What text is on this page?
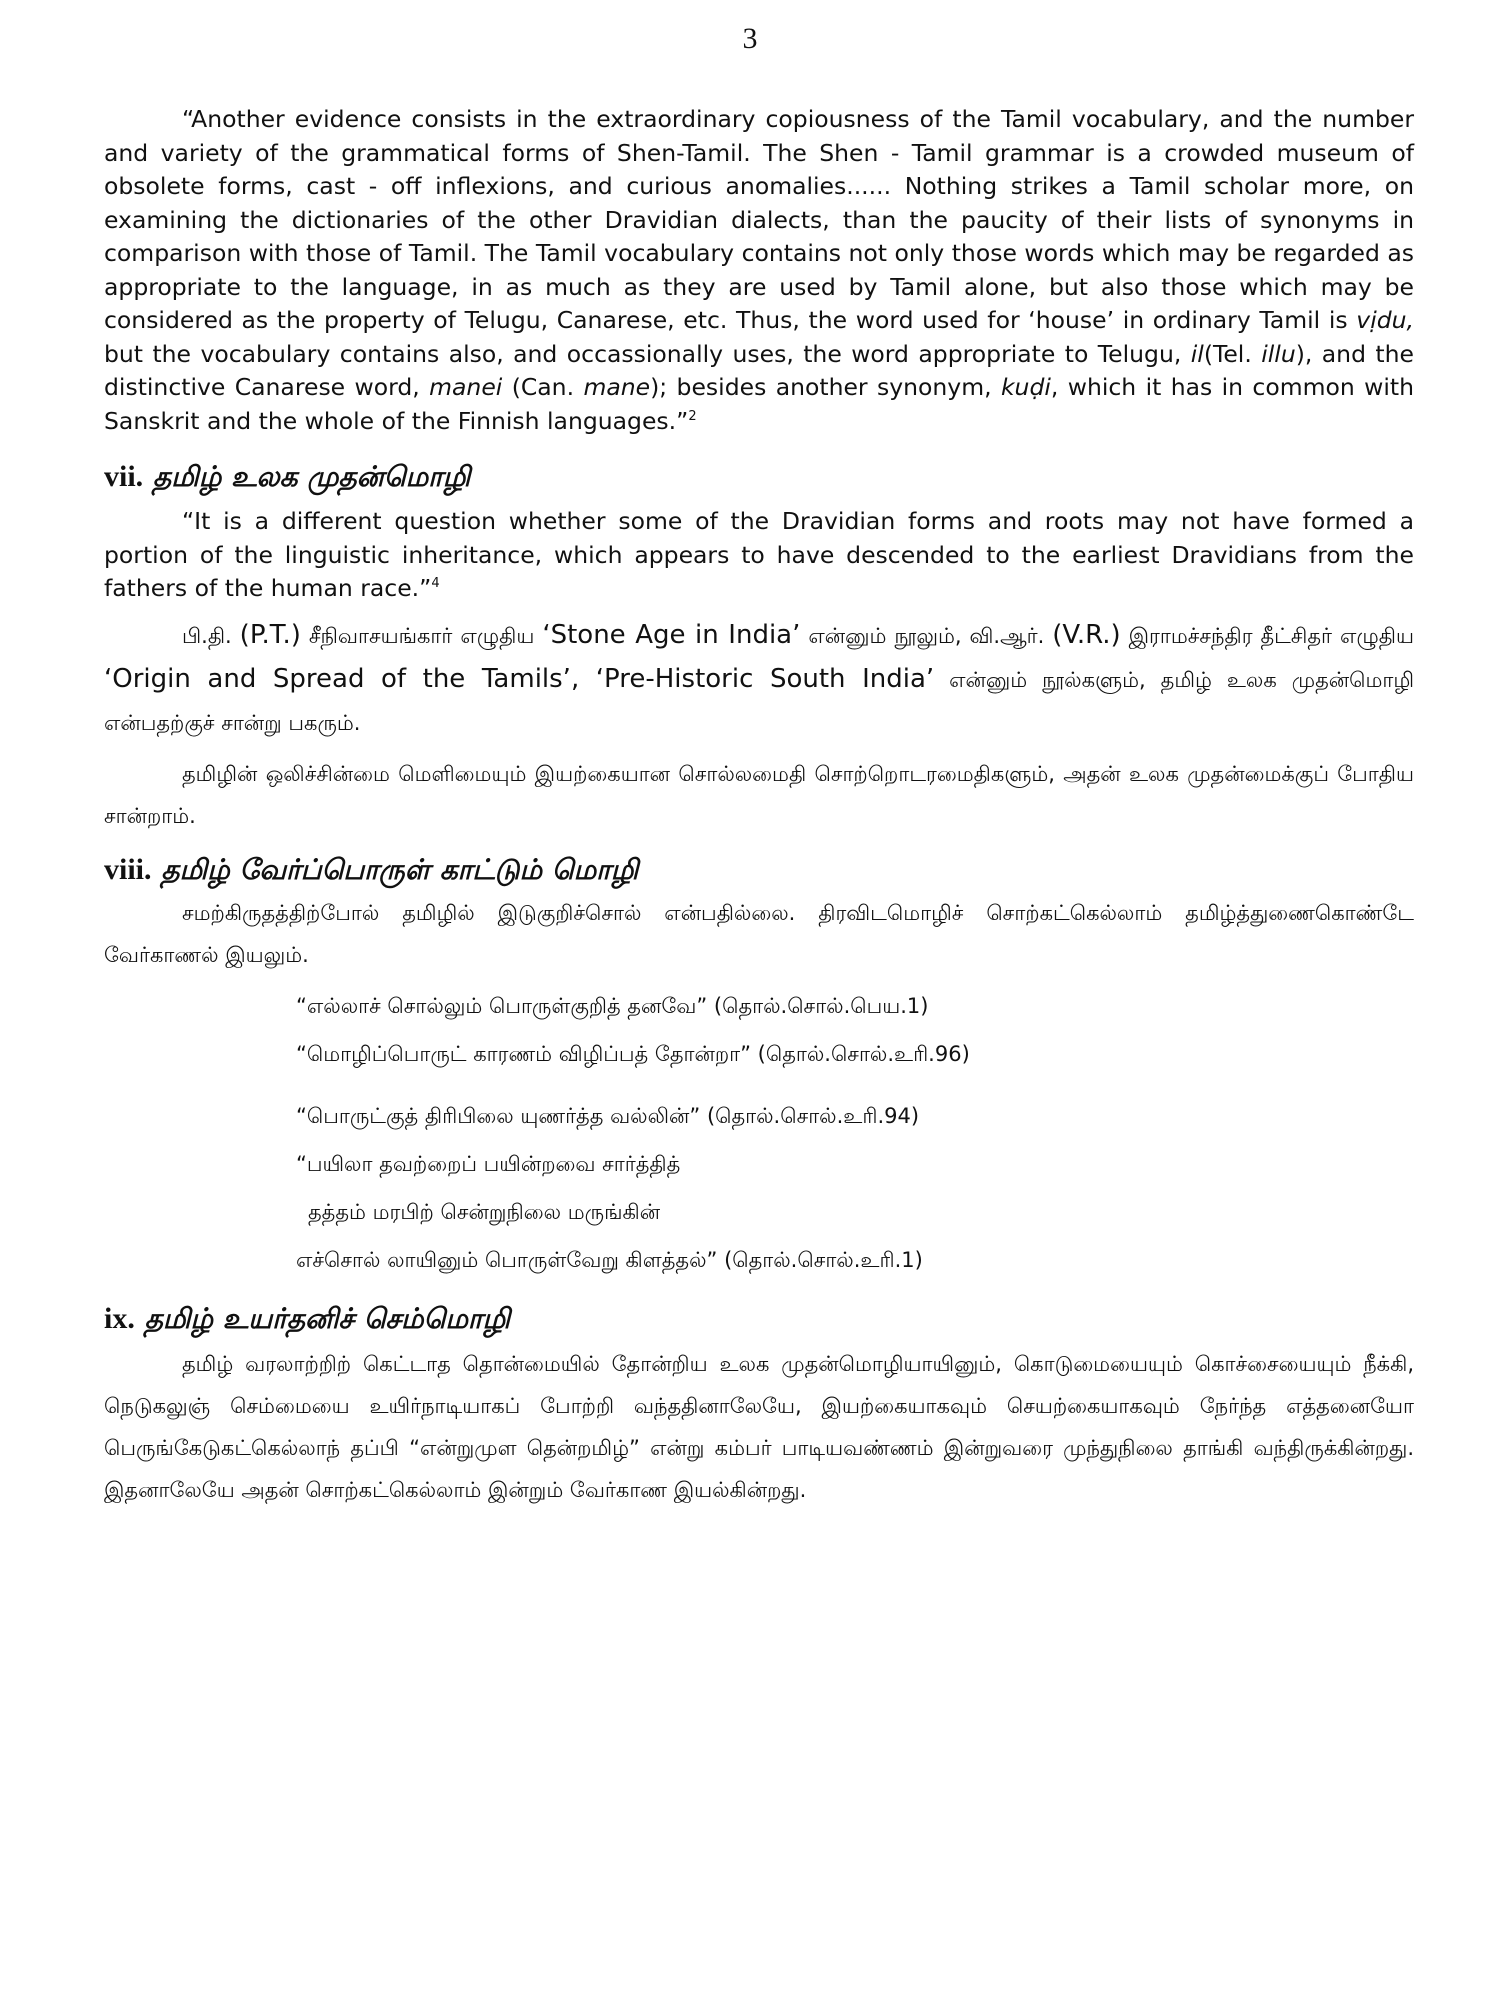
3

“Another evidence consists in the extraordinary copiousness of the Tamil vocabulary, and the number and variety of the grammatical forms of Shen-Tamil. The Shen - Tamil grammar is a crowded museum of obsolete forms, cast - off inflexions, and curious anomalies...... Nothing strikes a Tamil scholar more, on examining the dictionaries of the other Dravidian dialects, than the paucity of their lists of synonyms in comparison with those of Tamil. The Tamil vocabulary contains not only those words which may be regarded as appropriate to the language, in as much as they are used by Tamil alone, but also those which may be considered as the property of Telugu, Canarese, etc. Thus, the word used for ‘house’ in ordinary Tamil is vịdu, but the vocabulary contains also, and occassionally uses, the word appropriate to Telugu, il(Tel. illu), and the distinctive Canarese word, manei (Can. mane); besides another synonym, kuḍi, which it has in common with Sanskrit and the whole of the Finnish languages.”$^2$

vii. தமிழ் உலக முதன்மொழி

“It is a different question whether some of the Dravidian forms and roots may not have formed a portion of the linguistic inheritance, which appears to have descended to the earliest Dravidians from the fathers of the human race.”$^4$

பி.தி. (P.T.) சீநிவாசயங்கார் எழுதிய ‘Stone Age in India’ என்னும் நூலும், வி.ஆர். (V.R.) இராமச்சந்திர தீட்சிதர் எழுதிய ‘Origin and Spread of the Tamils’, ‘Pre-Historic South India’ என்னும் நூல்களும், தமிழ் உலக முதன்மொழி என்பதற்குச் சான்று பகரும்.

தமிழின் ஒலிச்சின்மை மெளிமையும் இயற்கையான சொல்லமைதி சொற்றொடரமைதிகளும், அதன் உலக முதன்மைக்குப் போதிய சான்றாம்.

viii. தமிழ் வேர்ப்பொருள் காட்டும் மொழி

சமற்கிருதத்திற்போல் தமிழில் இடுகுறிச்சொல் என்பதில்லை. திரவிடமொழிச் சொற்கட்கெல்லாம் தமிழ்த்துணைகொண்டே வேர்காணல் இயலும்.

“எல்லாச் சொல்லும் பொருள்குறித் தனவே” (தொல்.சொல்.பெய.1)
“மொழிப்பொருட் காரணம் விழிப்பத் தோன்றா” (தொல்.சொல்.உரி.96)
“பொருட்குத் திரிபிலை யுணர்த்த வல்லின்” (தொல்.சொல்.உரி.94)
“பயிலா தவற்றைப் பயின்றவை சார்த்தித்
தத்தம் மரபிற் சென்றுநிலை மருங்கின்
எச்சொல் லாயினும் பொருள்வேறு கிளத்தல்” (தொல்.சொல்.உரி.1)
ix. தமிழ் உயர்தனிச் செம்மொழி

தமிழ் வரலாற்றிற் கெட்டாத தொன்மையில் தோன்றிய உலக முதன்மொழியாயினும், கொடுமையையும் கொச்சையையும் நீக்கி, நெடுகலுஞ் செம்மையை உயிர்நாடியாகப் போற்றி வந்ததினாலேயே, இயற்கையாகவும் செயற்கையாகவும் நேர்ந்த எத்தனையோ பெருங்கேடுகட்கெல்லாந் தப்பி “என்றுமுள தென்றமிழ்” என்று கம்பர் பாடியவண்ணம் இன்றுவரை முந்துநிலை தாங்கி வந்திருக்கின்றது. இதனாலேயே அதன் சொற்கட்கெல்லாம் இன்றும் வேர்காண இயல்கின்றது.
